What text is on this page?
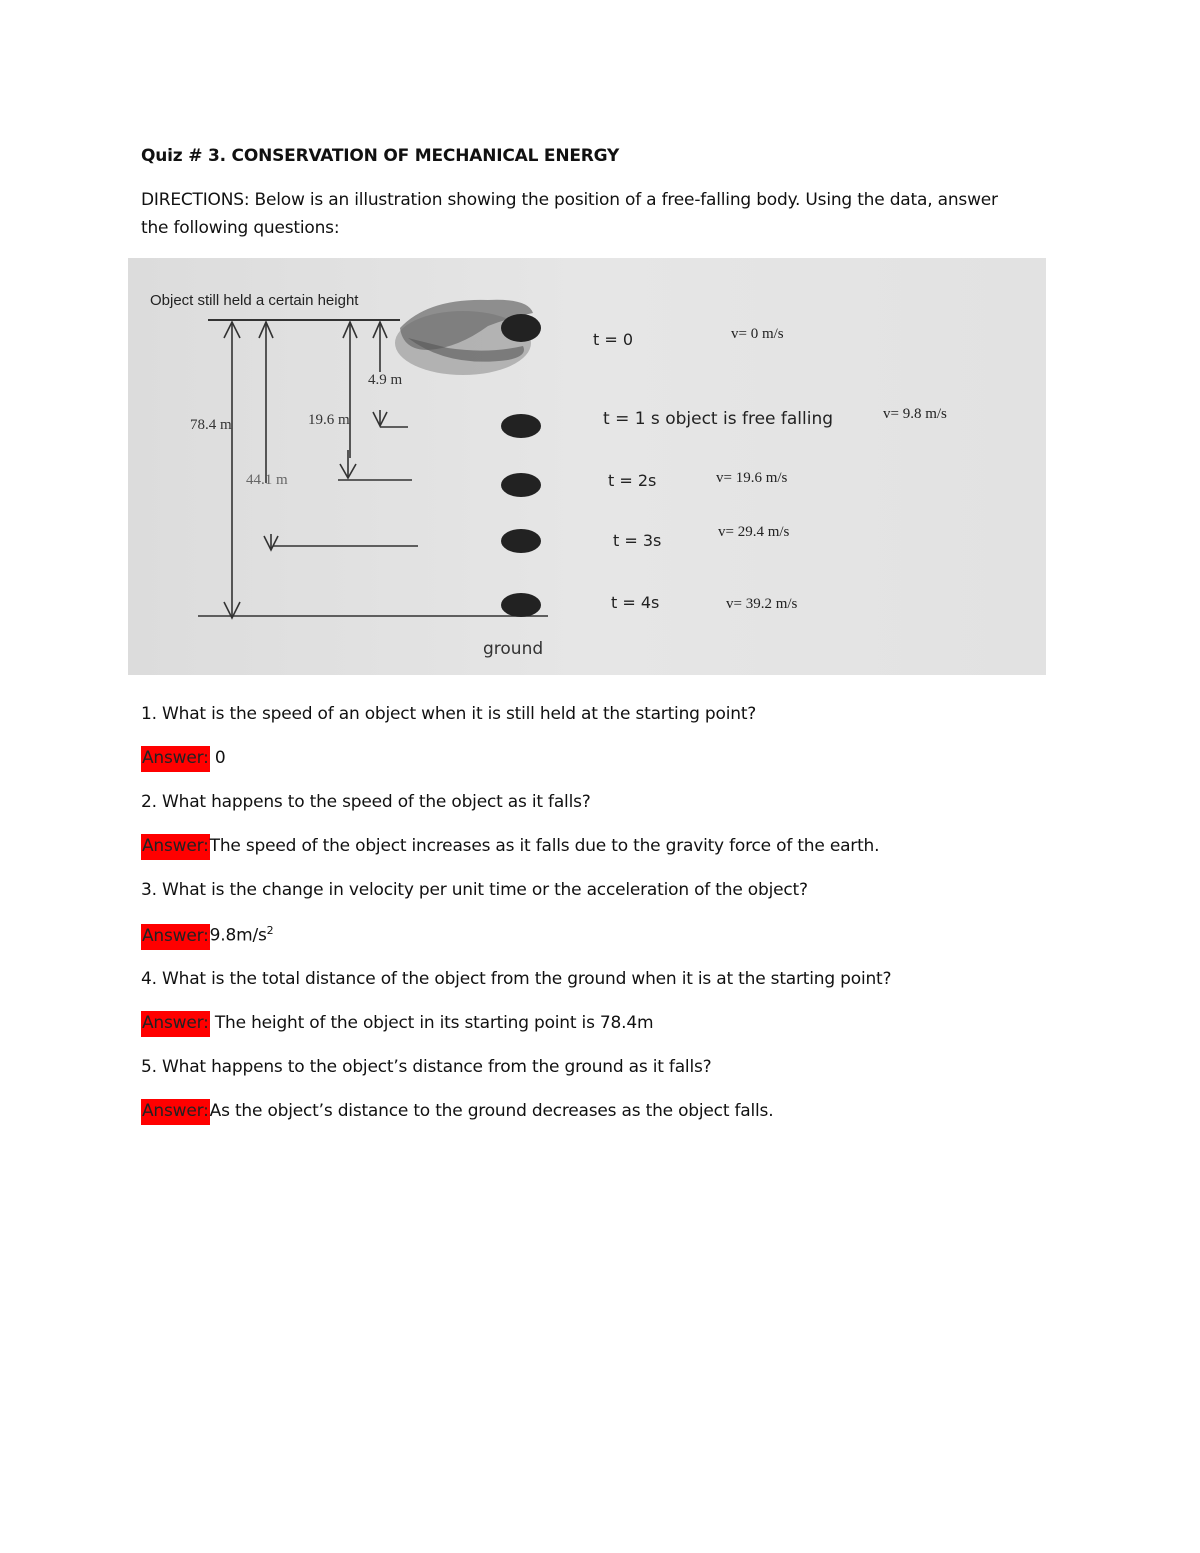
Quiz # 3. CONSERVATION OF MECHANICAL ENERGY
DIRECTIONS: Below is an illustration showing the position of a free-falling body. Using the data, answer
the following questions:
Object still held a certain height
78.4 m
4.9 m
19.6 m
44.1 m
t = 0
t = 1 s object is free falling
t = 2s
t = 3s
t = 4s
v= 0 m/s
v= 9.8 m/s
v= 19.6 m/s
v= 29.4 m/s
v= 39.2 m/s
ground
1. What is the speed of an object when it is still held at the starting point?
Answer: 0
2. What happens to the speed of the object as it falls?
Answer:The speed of the object increases as it falls due to the gravity force of the earth.
3. What is the change in velocity per unit time or the acceleration of the object?
$Answer:9.8m/s^2$
4. What is the total distance of the object from the ground when it is at the starting point?
Answer: The height of the object in its starting point is 78.4m
5. What happens to the object’s distance from the ground as it falls?
Answer:As the object’s distance to the ground decreases as the object falls.
